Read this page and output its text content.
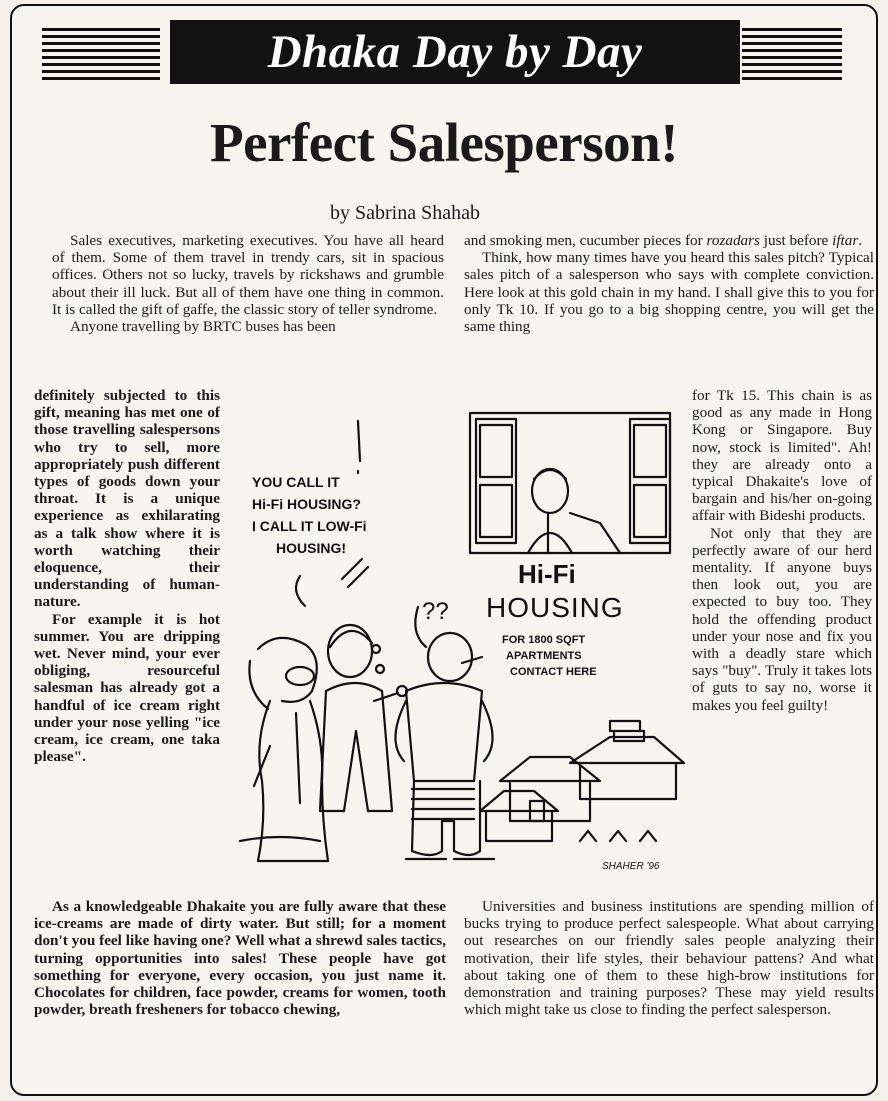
Dhaka Day by Day
Perfect Salesperson!
by Sabrina Shahab

Sales executives, marketing executives. You have all heard of them. Some of them travel in trendy cars, sit in spacious offices. Others not so lucky, travels by rickshaws and grumble about their ill luck. But all of them have one thing in common. It is called the gift of gaffe, the classic story of teller syndrome.

Anyone travelling by BRTC buses has been

definitely subjected to this gift, meaning has met one of those travelling salespersons who try to sell, more appropriately push different types of goods down your throat. It is a unique experience as exhilarating as a talk show where it is worth watching their eloquence, their understanding of human-nature.

For example it is hot summer. You are dripping wet. Never mind, your ever obliging, resourceful salesman has already got a handful of ice cream right under your nose yelling "ice cream, ice cream, one taka please".

As a knowledgeable Dhakaite you are fully aware that these ice-creams are made of dirty water. But still; for a moment don't you feel like having one? Well what a shrewd sales tactics, turning opportunities into sales! These people have got something for everyone, every occasion, you just name it. Chocolates for children, face powder, creams for women, tooth powder, breath fresheners for tobacco chewing,

and smoking men, cucumber pieces for rozadars just before iftar.

Think, how many times have you heard this sales pitch? Typical sales pitch of a salesperson who says with complete conviction. Here look at this gold chain in my hand. I shall give this to you for only Tk 10. If you go to a big shopping centre, you will get the same thing

for Tk 15. This chain is as good as any made in Hong Kong or Singapore. Buy now, stock is limited". Ah! they are already onto a typical Dhakaite's love of bargain and his/her on-going affair with Bideshi products.

Not only that they are perfectly aware of our herd mentality. If anyone buys then look out, you are expected to buy too. They hold the offending product under your nose and fix you with a deadly stare which says "buy". Truly it takes lots of guts to say no, worse it makes you feel guilty!

Universities and business institutions are spending million of bucks trying to produce perfect salespeople. What about carrying out researches on our friendly sales people analyzing their motivation, their life styles, their behaviour pattens? And what about taking one of them to these high-brow institutions for demonstration and training purposes? These may yield results which might take us close to finding the perfect salesperson.

Hi-Fi
HOUSING
FOR 1800 SQFT
APARTMENTS
CONTACT HERE
YOU CALL IT
Hi-Fi HOUSING?
I CALL IT LOW-Fi
HOUSING!
??
SHAHER '96
